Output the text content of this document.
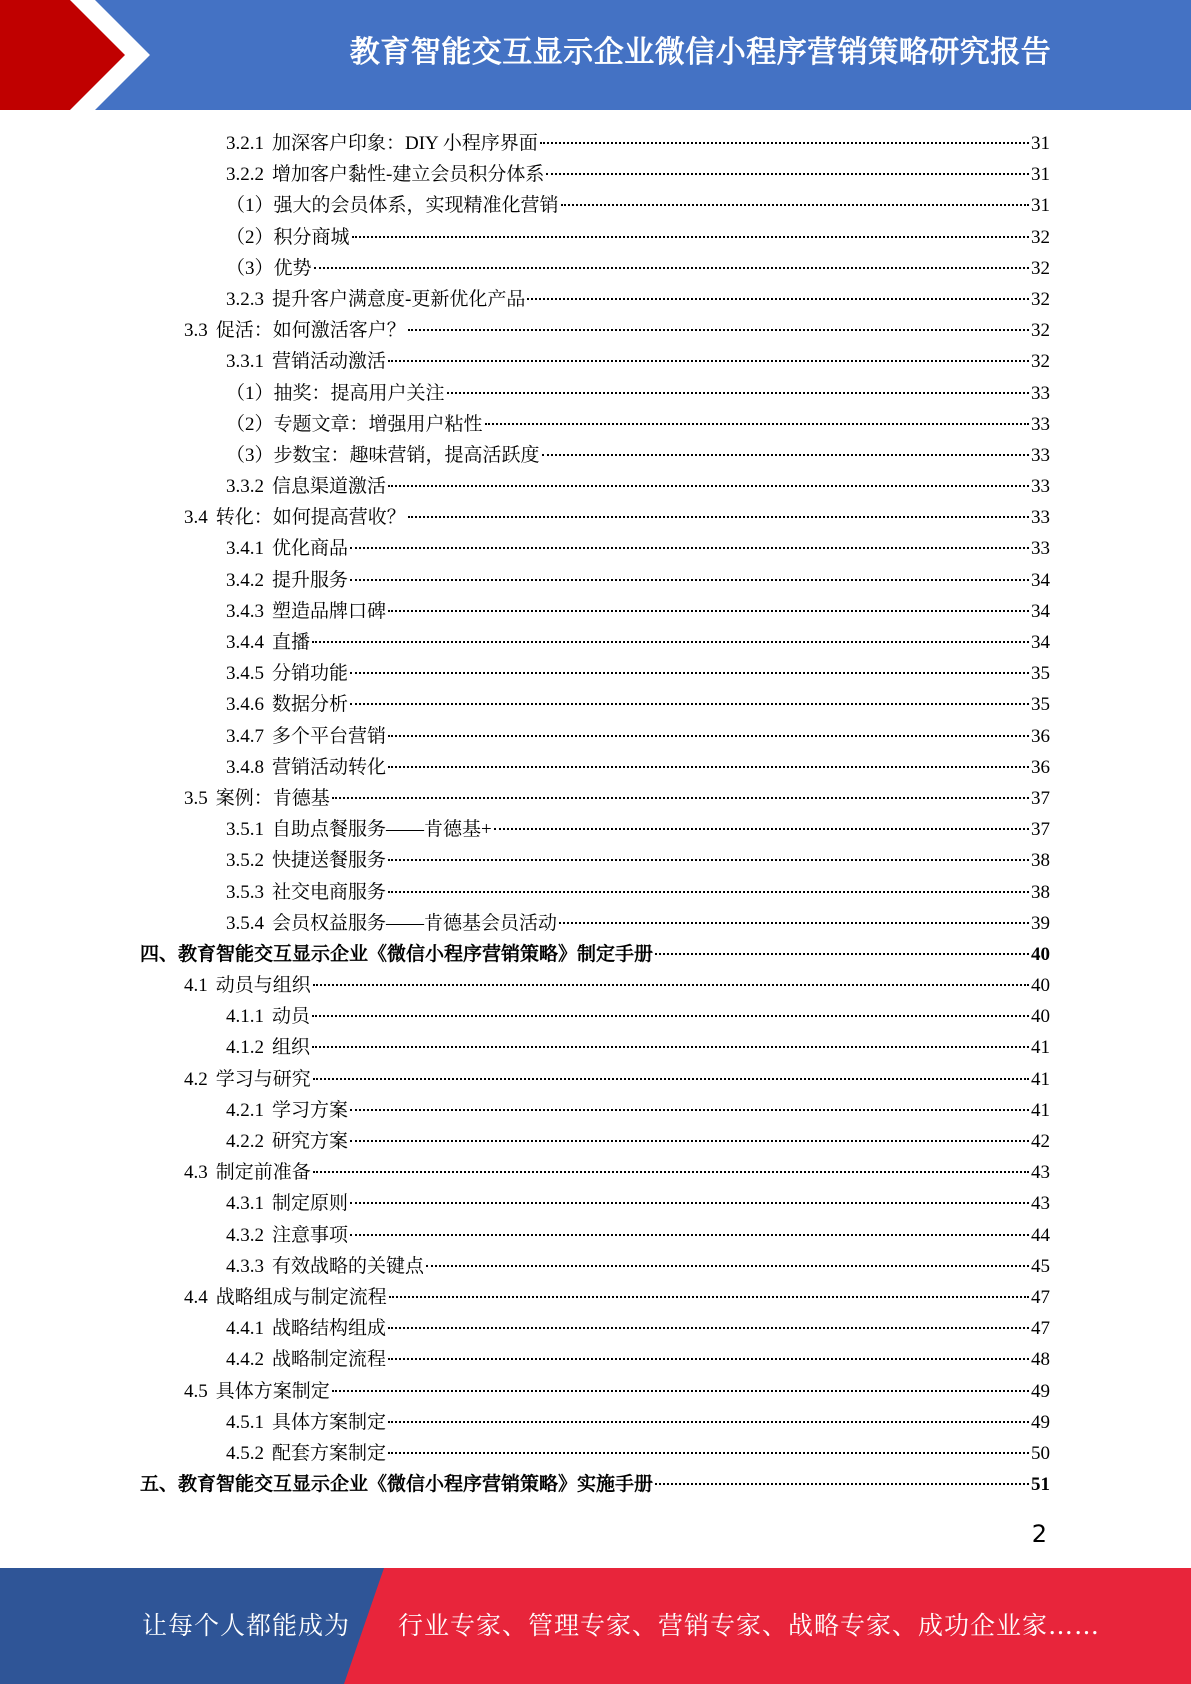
教育智能交互显示企业微信小程序营销策略研究报告
3.2.1 加深客户印象：DIY 小程序界面	31
3.2.2 增加客户黏性-建立会员积分体系	31
（1）强大的会员体系，实现精准化营销	31
（2）积分商城	32
（3）优势	32
3.2.3 提升客户满意度-更新优化产品	32
3.3 促活：如何激活客户？	32
3.3.1 营销活动激活	32
（1）抽奖：提高用户关注	33
（2）专题文章：增强用户粘性	33
（3）步数宝：趣味营销，提高活跃度	33
3.3.2 信息渠道激活	33
3.4 转化：如何提高营收？	33
3.4.1 优化商品	33
3.4.2 提升服务	34
3.4.3 塑造品牌口碑	34
3.4.4 直播	34
3.4.5 分销功能	35
3.4.6 数据分析	35
3.4.7 多个平台营销	36
3.4.8 营销活动转化	36
3.5 案例：肯德基	37
3.5.1 自助点餐服务——肯德基+	37
3.5.2 快捷送餐服务	38
3.5.3 社交电商服务	38
3.5.4 会员权益服务——肯德基会员活动	39
四、教育智能交互显示企业《微信小程序营销策略》制定手册	40
4.1 动员与组织	40
4.1.1 动员	40
4.1.2 组织	41
4.2 学习与研究	41
4.2.1 学习方案	41
4.2.2 研究方案	42
4.3 制定前准备	43
4.3.1 制定原则	43
4.3.2 注意事项	44
4.3.3 有效战略的关键点	45
4.4 战略组成与制定流程	47
4.4.1 战略结构组成	47
4.4.2 战略制定流程	48
4.5 具体方案制定	49
4.5.1 具体方案制定	49
4.5.2 配套方案制定	50
五、教育智能交互显示企业《微信小程序营销策略》实施手册	51
2
让每个人都能成为 行业专家、管理专家、营销专家、战略专家、成功企业家……
